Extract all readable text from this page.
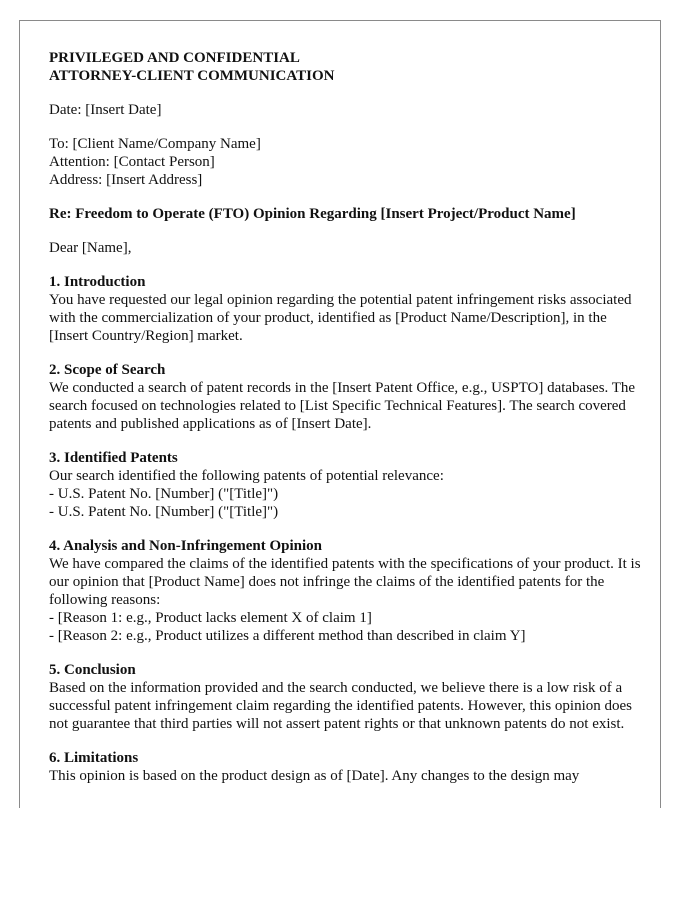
PRIVILEGED AND CONFIDENTIAL
ATTORNEY-CLIENT COMMUNICATION

Date: [Insert Date]

To: [Client Name/Company Name]
Attention: [Contact Person]
Address: [Insert Address]

Re: Freedom to Operate (FTO) Opinion Regarding [Insert Project/Product Name]

Dear [Name],

1. Introduction
You have requested our legal opinion regarding the potential patent infringement risks associated with the commercialization of your product, identified as [Product Name/Description], in the [Insert Country/Region] market.
2. Scope of Search
We conducted a search of patent records in the [Insert Patent Office, e.g., USPTO] databases. The search focused on technologies related to [List Specific Technical Features]. The search covered patents and published applications as of [Insert Date].
3. Identified Patents
Our search identified the following patents of potential relevance:
- U.S. Patent No. [Number] ("[Title]")
- U.S. Patent No. [Number] ("[Title]")
4. Analysis and Non-Infringement Opinion
We have compared the claims of the identified patents with the specifications of your product. It is our opinion that [Product Name] does not infringe the claims of the identified patents for the following reasons:
- [Reason 1: e.g., Product lacks element X of claim 1]
- [Reason 2: e.g., Product utilizes a different method than described in claim Y]
5. Conclusion
Based on the information provided and the search conducted, we believe there is a low risk of a successful patent infringement claim regarding the identified patents. However, this opinion does not guarantee that third parties will not assert patent rights or that unknown patents do not exist.
6. Limitations
This opinion is based on the product design as of [Date]. Any changes to the design may
